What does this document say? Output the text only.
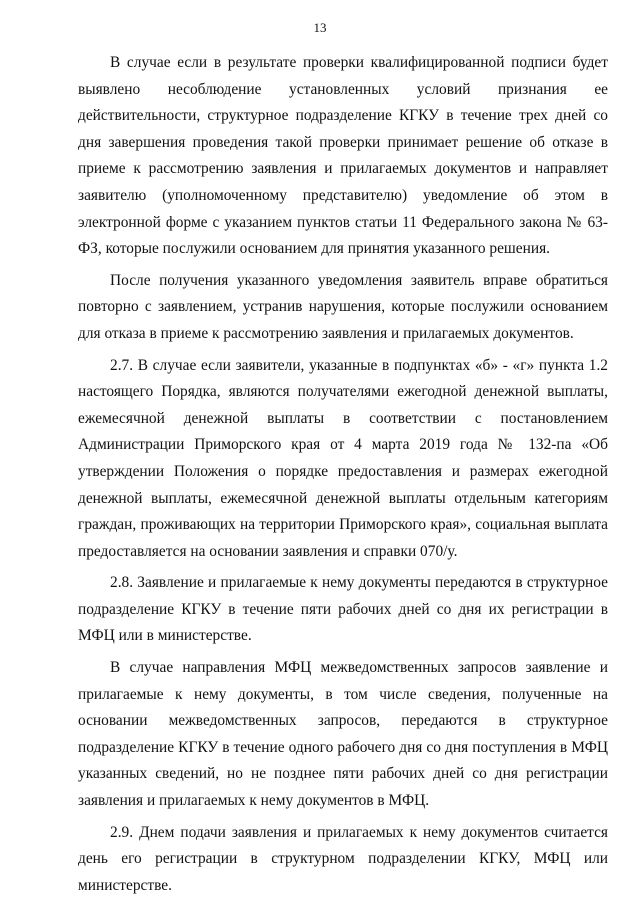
13

В случае если в результате проверки квалифицированной подписи будет выявлено несоблюдение установленных условий признания ее действительности, структурное подразделение КГКУ в течение трех дней со дня завершения проведения такой проверки принимает решение об отказе в приеме к рассмотрению заявления и прилагаемых документов и направляет заявителю (уполномоченному представителю) уведомление об этом в электронной форме с указанием пунктов статьи 11 Федерального закона № 63-ФЗ, которые послужили основанием для принятия указанного решения.

После получения указанного уведомления заявитель вправе обратиться повторно с заявлением, устранив нарушения, которые послужили основанием для отказа в приеме к рассмотрению заявления и прилагаемых документов.

2.7. В случае если заявители, указанные в подпунктах «б» - «г» пункта 1.2 настоящего Порядка, являются получателями ежегодной денежной выплаты, ежемесячной денежной выплаты в соответствии с постановлением Администрации Приморского края от 4 марта 2019 года № 132-па «Об утверждении Положения о порядке предоставления и размерах ежегодной денежной выплаты, ежемесячной денежной выплаты отдельным категориям граждан, проживающих на территории Приморского края», социальная выплата предоставляется на основании заявления и справки 070/у.

2.8. Заявление и прилагаемые к нему документы передаются в структурное подразделение КГКУ в течение пяти рабочих дней со дня их регистрации в МФЦ или в министерстве.

В случае направления МФЦ межведомственных запросов заявление и прилагаемые к нему документы, в том числе сведения, полученные на основании межведомственных запросов, передаются в структурное подразделение КГКУ в течение одного рабочего дня со дня поступления в МФЦ указанных сведений, но не позднее пяти рабочих дней со дня регистрации заявления и прилагаемых к нему документов в МФЦ.

2.9. Днем подачи заявления и прилагаемых к нему документов считается день его регистрации в структурном подразделении КГКУ, МФЦ или министерстве.
